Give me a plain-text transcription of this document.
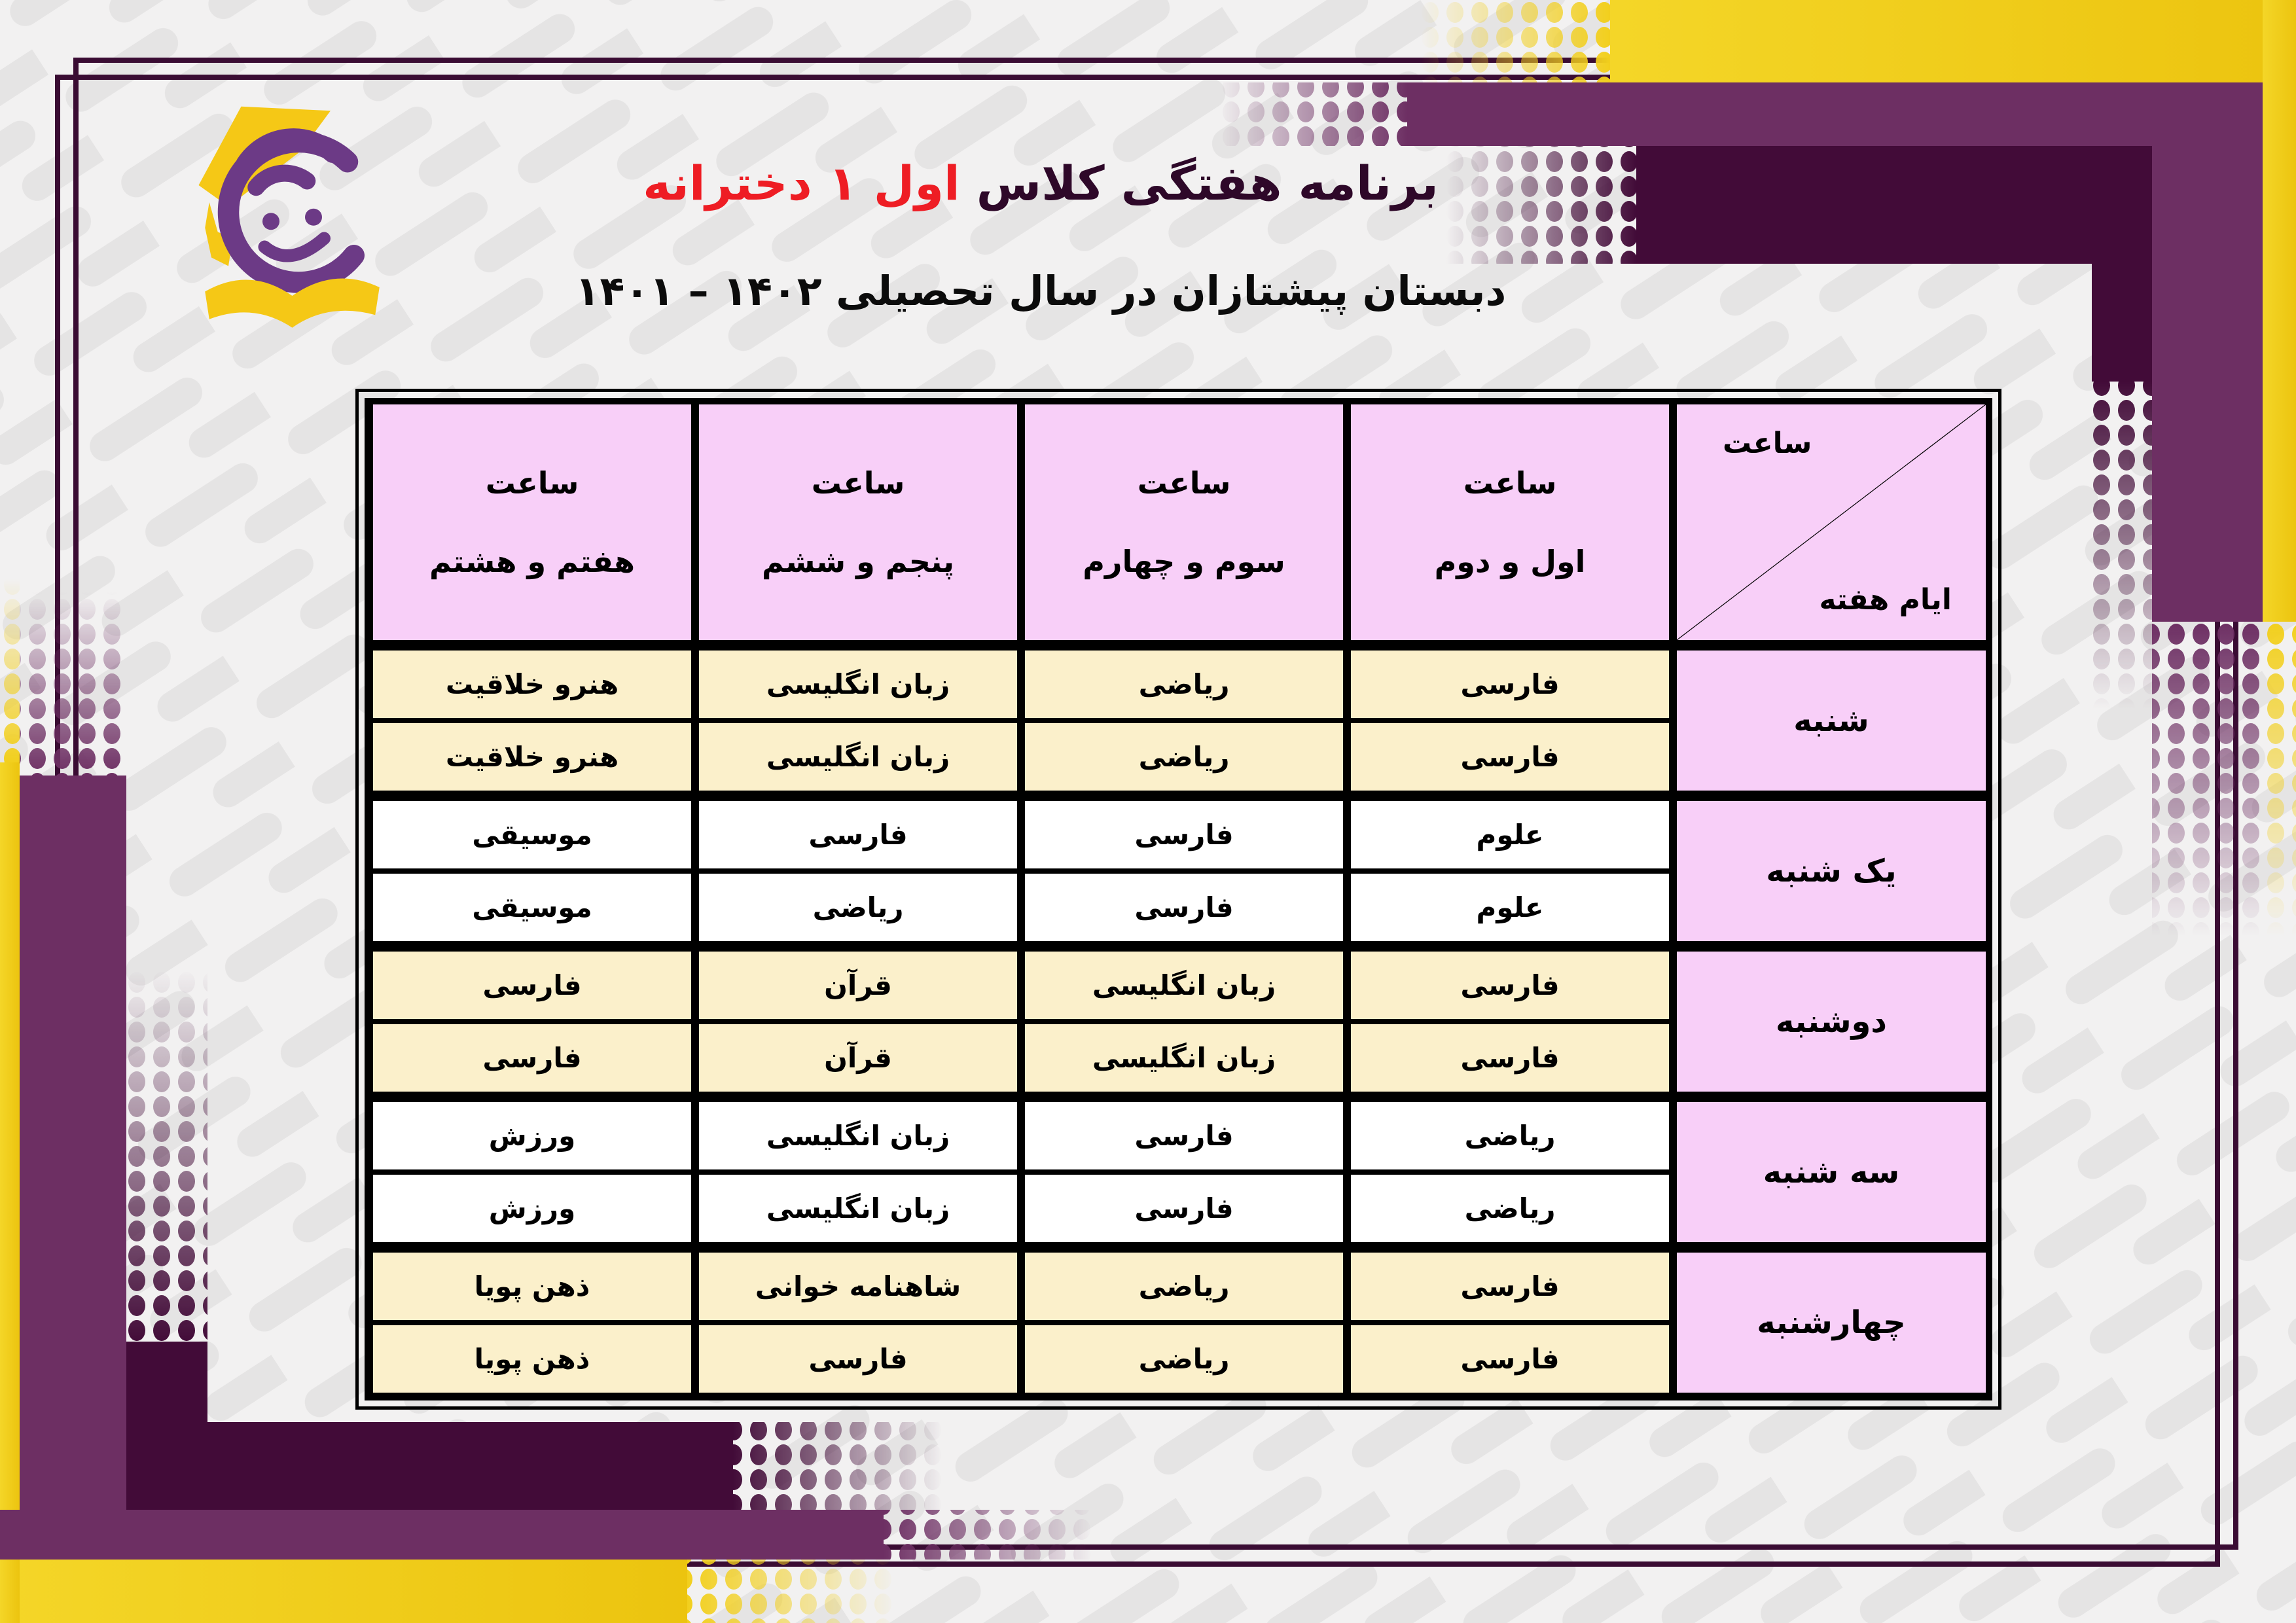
برنامه هفتگی کلاس اول ۱ دخترانه
دبستان پیشتازان در سال تحصیلی ۱۴۰۲ – ۱۴۰۱
ساعت
ایام هفته
ساعت
اول و دوم
ساعت
سوم و چهارم
ساعت
پنجم و ششم
ساعت
هفتم و هشتم
شنبه
فارسی
ریاضی
زبان انگلیسی
هنرو خلاقیت
فارسی
ریاضی
زبان انگلیسی
هنرو خلاقیت
یک شنبه
علوم
فارسی
فارسی
موسیقی
علوم
فارسی
ریاضی
موسیقی
دوشنبه
فارسی
زبان انگلیسی
قرآن
فارسی
فارسی
زبان انگلیسی
قرآن
فارسی
سه شنبه
ریاضی
فارسی
زبان انگلیسی
ورزش
ریاضی
فارسی
زبان انگلیسی
ورزش
چهارشنبه
فارسی
ریاضی
شاهنامه خوانی
ذهن پویا
فارسی
ریاضی
فارسی
ذهن پویا
